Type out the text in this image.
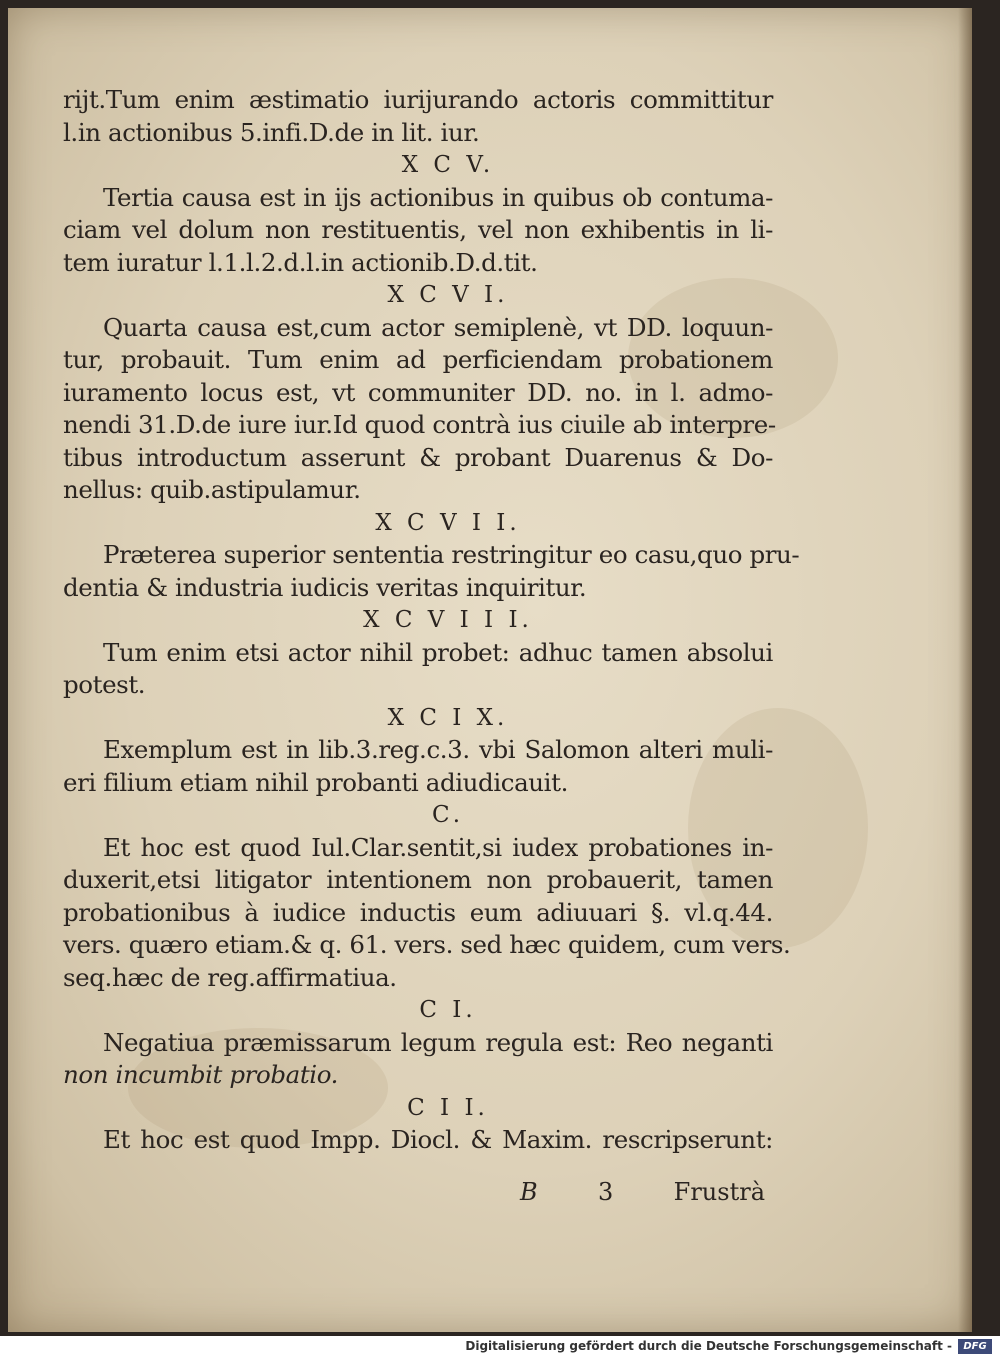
rijt.Tum enim æstimatio iurijurando actoris committitur
l.in actionibus 5.infi.D.de in lit. iur.
X C V.
Tertia causa est in ijs actionibus in quibus ob contuma-
ciam vel dolum non restituentis, vel non exhibentis in li-
tem iuratur l.1.l.2.d.l.in actionib.D.d.tit.
X C V I.
Quarta causa est,cum actor semiplenè, vt DD. loquun-
tur, probauit. Tum enim ad perficiendam probationem
iuramento locus est, vt communiter DD. no. in l. admo-
nendi 31.D.de iure iur.Id quod contrà ius ciuile ab interpre-
tibus introductum asserunt & probant Duarenus & Do-
nellus: quib.astipulamur.
X C V I I.
Præterea superior sententia restringitur eo casu,quo pru-
dentia & industria iudicis veritas inquiritur.
X C V I I I.
Tum enim etsi actor nihil probet: adhuc tamen absolui
potest.
X C I X.
Exemplum est in lib.3.reg.c.3. vbi Salomon alteri muli-
eri filium etiam nihil probanti adiudicauit.
C.
Et hoc est quod Iul.Clar.sentit,si iudex probationes in-
duxerit,etsi litigator intentionem non probauerit, tamen
probationibus à iudice inductis eum adiuuari §. vl.q.44.
vers. quæro etiam.& q. 61. vers. sed hæc quidem, cum vers.
seq.hæc de reg.affirmatiua.
C I.
Negatiua præmissarum legum regula est: Reo neganti
non incumbit probatio.
C I I.
Et hoc est quod Impp. Diocl. & Maxim. rescripserunt:
B	3	Frustrà
Digitalisierung gefördert durch die Deutsche Forschungsgemeinschaft -	DFG
